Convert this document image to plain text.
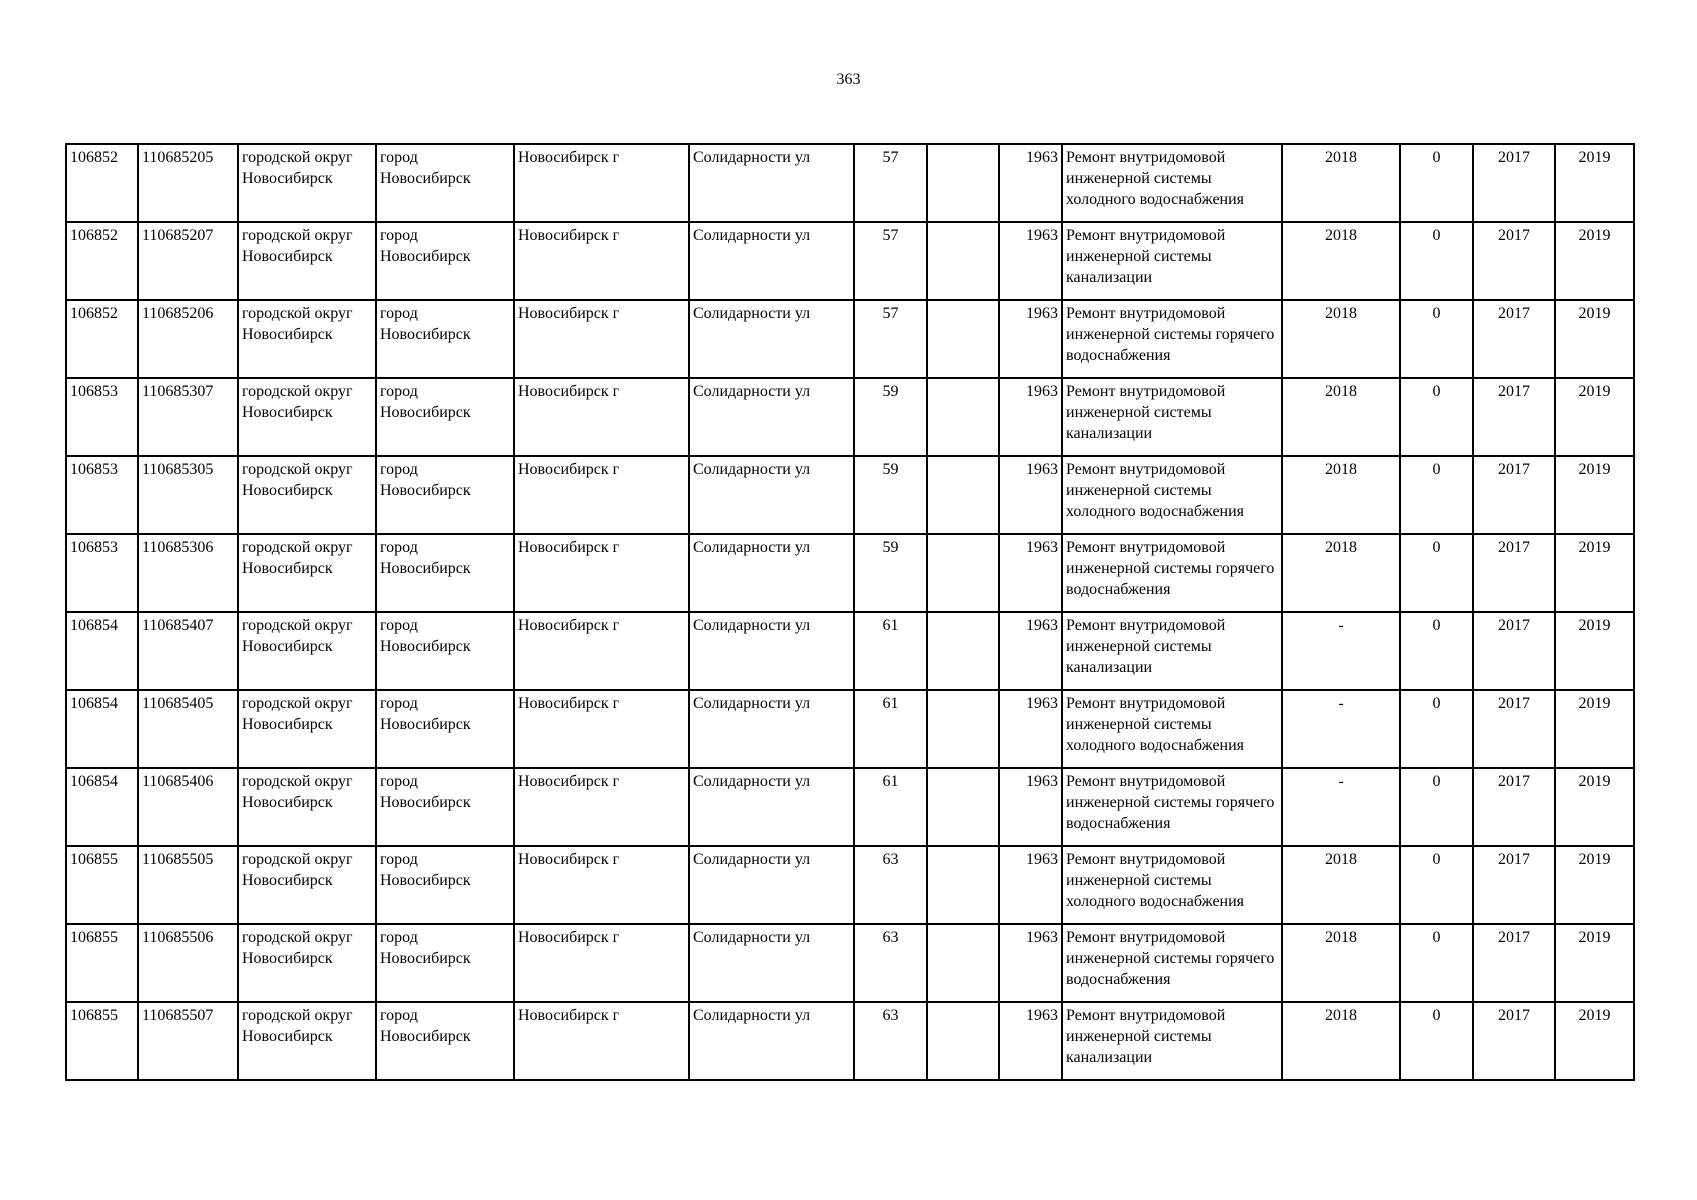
363
106852	110685205	городской округ Новосибирск	город Новосибирск	Новосибирск г	Солидарности ул	57		1963	Ремонт внутридомовой инженерной системы холодного водоснабжения	2018	0	2017	2019
106852	110685207	городской округ Новосибирск	город Новосибирск	Новосибирск г	Солидарности ул	57		1963	Ремонт внутридомовой инженерной системы канализации	2018	0	2017	2019
106852	110685206	городской округ Новосибирск	город Новосибирск	Новосибирск г	Солидарности ул	57		1963	Ремонт внутридомовой инженерной системы горячего водоснабжения	2018	0	2017	2019
106853	110685307	городской округ Новосибирск	город Новосибирск	Новосибирск г	Солидарности ул	59		1963	Ремонт внутридомовой инженерной системы канализации	2018	0	2017	2019
106853	110685305	городской округ Новосибирск	город Новосибирск	Новосибирск г	Солидарности ул	59		1963	Ремонт внутридомовой инженерной системы холодного водоснабжения	2018	0	2017	2019
106853	110685306	городской округ Новосибирск	город Новосибирск	Новосибирск г	Солидарности ул	59		1963	Ремонт внутридомовой инженерной системы горячего водоснабжения	2018	0	2017	2019
106854	110685407	городской округ Новосибирск	город Новосибирск	Новосибирск г	Солидарности ул	61		1963	Ремонт внутридомовой инженерной системы канализации	-	0	2017	2019
106854	110685405	городской округ Новосибирск	город Новосибирск	Новосибирск г	Солидарности ул	61		1963	Ремонт внутридомовой инженерной системы холодного водоснабжения	-	0	2017	2019
106854	110685406	городской округ Новосибирск	город Новосибирск	Новосибирск г	Солидарности ул	61		1963	Ремонт внутридомовой инженерной системы горячего водоснабжения	-	0	2017	2019
106855	110685505	городской округ Новосибирск	город Новосибирск	Новосибирск г	Солидарности ул	63		1963	Ремонт внутридомовой инженерной системы холодного водоснабжения	2018	0	2017	2019
106855	110685506	городской округ Новосибирск	город Новосибирск	Новосибирск г	Солидарности ул	63		1963	Ремонт внутридомовой инженерной системы горячего водоснабжения	2018	0	2017	2019
106855	110685507	городской округ Новосибирск	город Новосибирск	Новосибирск г	Солидарности ул	63		1963	Ремонт внутридомовой инженерной системы канализации	2018	0	2017	2019
